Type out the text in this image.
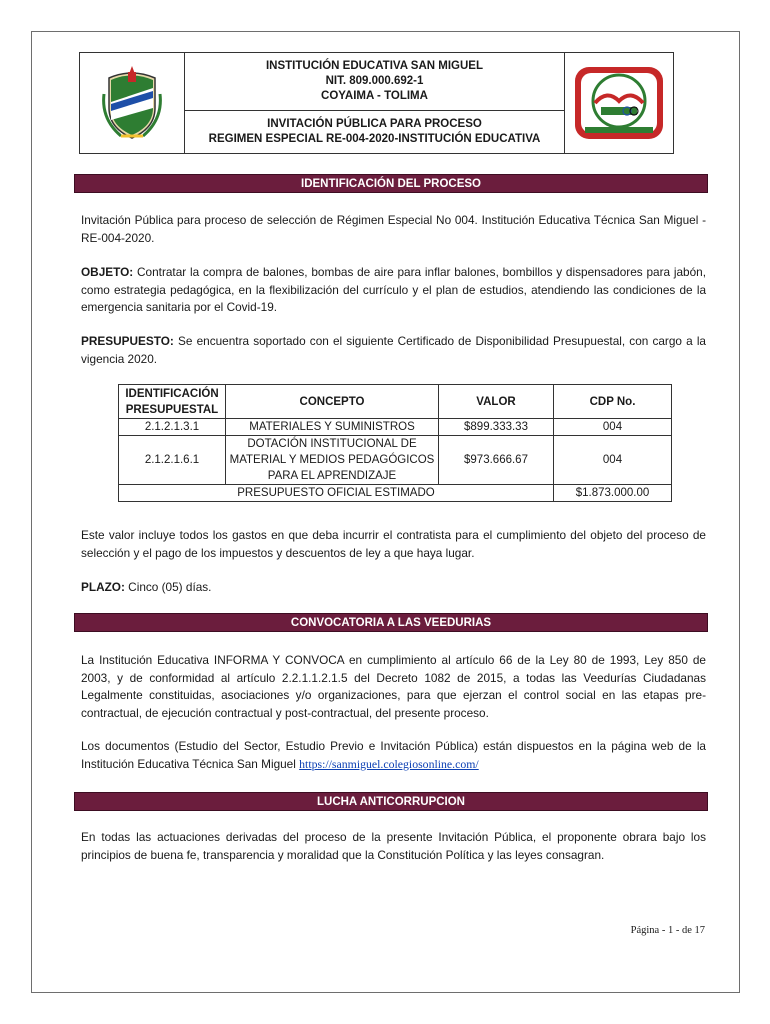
INSTITUCIÓN EDUCATIVA SAN MIGUEL
NIT. 809.000.692-1
COYAIMA - TOLIMA
INVITACIÓN PÚBLICA PARA PROCESO
REGIMEN ESPECIAL RE-004-2020-INSTITUCIÓN EDUCATIVA
IDENTIFICACIÓN DEL PROCESO
Invitación Pública para proceso de selección de Régimen Especial No 004. Institución Educativa Técnica San Miguel - RE-004-2020.
OBJETO: Contratar la compra de balones, bombas de aire para inflar balones, bombillos y dispensadores para jabón, como estrategia pedagógica, en la flexibilización del currículo y el plan de estudios, atendiendo las condiciones de la emergencia sanitaria por el Covid-19.
PRESUPUESTO: Se encuentra soportado con el siguiente Certificado de Disponibilidad Presupuestal, con cargo a la vigencia 2020.
IDENTIFICACIÓN PRESUPUESTAL	CONCEPTO	VALOR	CDP No.
2.1.2.1.3.1	MATERIALES Y SUMINISTROS	$899.333.33	004
2.1.2.1.6.1	DOTACIÓN INSTITUCIONAL DE MATERIAL Y MEDIOS PEDAGÓGICOS PARA EL APRENDIZAJE	$973.666.67	004
PRESUPUESTO OFICIAL ESTIMADO			$1.873.000.00
Este valor incluye todos los gastos en que deba incurrir el contratista para el cumplimiento del objeto del proceso de selección y el pago de los impuestos y descuentos de ley a que haya lugar.
PLAZO: Cinco (05) días.
CONVOCATORIA A LAS VEEDURIAS
La Institución Educativa INFORMA Y CONVOCA en cumplimiento al artículo 66 de la Ley 80 de 1993, Ley 850 de 2003, y de conformidad al artículo 2.2.1.1.2.1.5 del Decreto 1082 de 2015, a todas las Veedurías Ciudadanas Legalmente constituidas, asociaciones y/o organizaciones, para que ejerzan el control social en las etapas pre-contractual, de ejecución contractual y post-contractual, del presente proceso.
Los documentos (Estudio del Sector, Estudio Previo e Invitación Pública) están dispuestos en la página web de la Institución Educativa Técnica San Miguel https://sanmiguel.colegiosonline.com/
LUCHA ANTICORRUPCION
En todas las actuaciones derivadas del proceso de la presente Invitación Pública, el proponente obrara bajo los principios de buena fe, transparencia y moralidad que la Constitución Política y las leyes consagran.
Página - 1 - de 17
